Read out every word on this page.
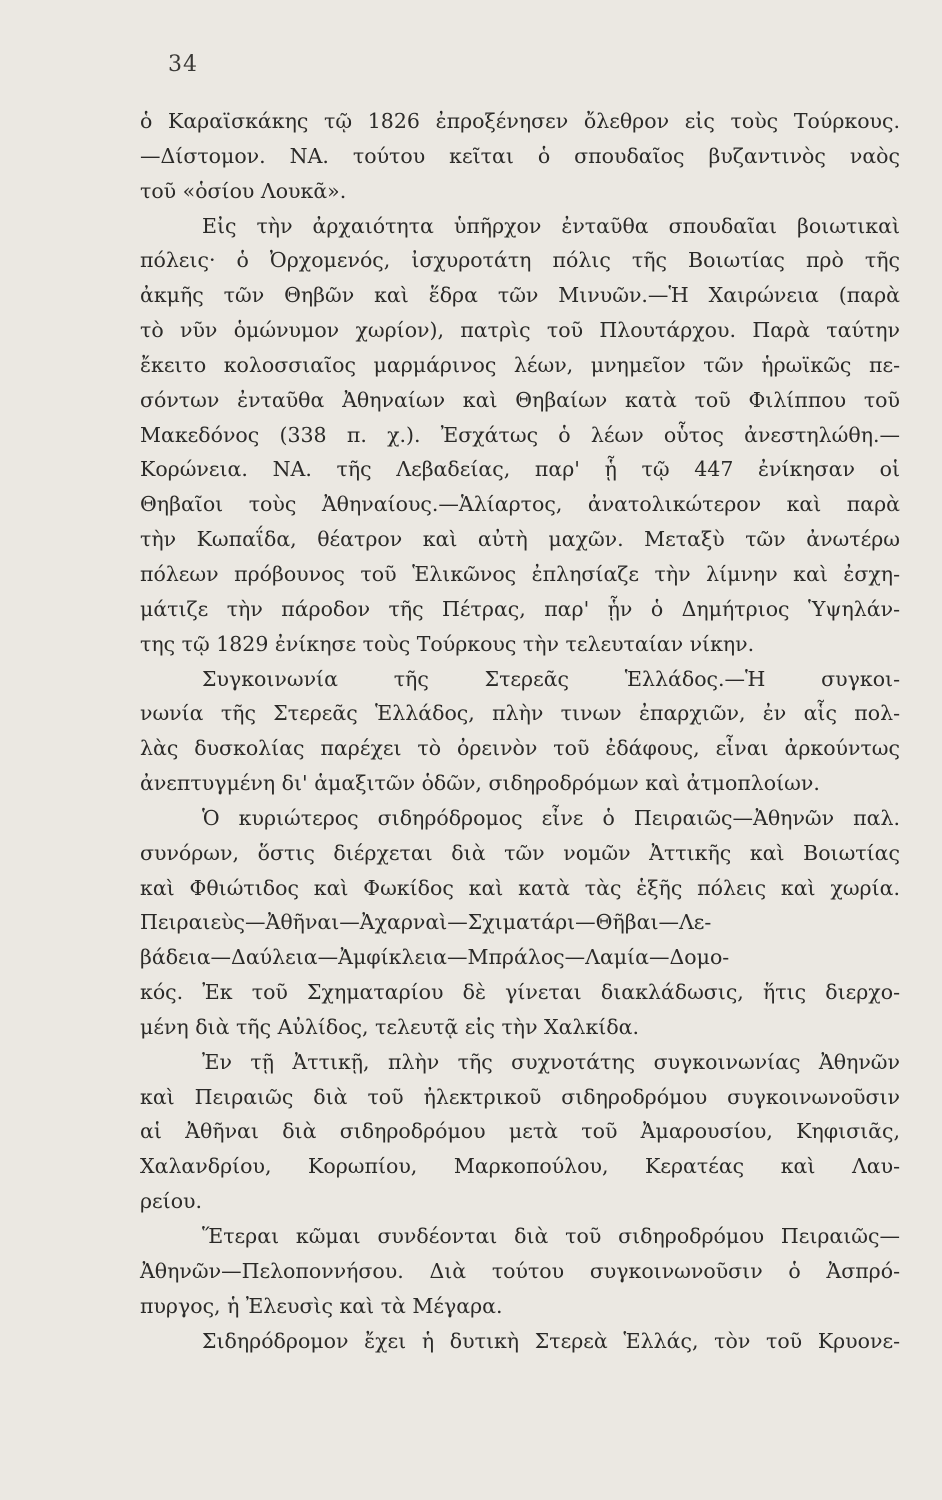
34
ὁ Καραϊσκάκης τῷ 1826 ἐπροξένησεν ὄλεθρον εἰς τοὺς Τούρκους.
—Δίστομον. ΝΑ. τούτου κεῖται ὁ σπουδαῖος βυζαντινὸς ναὸς
τοῦ «ὁσίου Λουκᾶ».
Εἰς τὴν ἀρχαιότητα ὑπῆρχον ἐνταῦθα σπουδαῖαι βοιωτικαὶ
πόλεις· ὁ Ὀρχομενός, ἰσχυροτάτη πόλις τῆς Βοιωτίας πρὸ τῆς
ἀκμῆς τῶν Θηβῶν καὶ ἕδρα τῶν Μινυῶν.—Ἡ Χαιρώνεια (παρὰ
τὸ νῦν ὁμώνυμον χωρίον), πατρὶς τοῦ Πλουτάρχου. Παρὰ ταύτην
ἔκειτο κολοσσιαῖος μαρμάρινος λέων, μνημεῖον τῶν ἡρωϊκῶς πε-
σόντων ἐνταῦθα Ἀθηναίων καὶ Θηβαίων κατὰ τοῦ Φιλίππου τοῦ
Μακεδόνος (338 π. χ.). Ἐσχάτως ὁ λέων οὗτος ἀνεστηλώθη.—
Κορώνεια. ΝΑ. τῆς Λεβαδείας, παρ' ᾗ τῷ 447 ἐνίκησαν οἱ
Θηβαῖοι τοὺς Ἀθηναίους.—Ἁλίαρτος, ἀνατολικώτερον καὶ παρὰ
τὴν Κωπαΐδα, θέατρον καὶ αὐτὴ μαχῶν. Μεταξὺ τῶν ἀνωτέρω
πόλεων πρόβουνος τοῦ Ἑλικῶνος ἐπλησίαζε τὴν λίμνην καὶ ἐσχη-
μάτιζε τὴν πάροδον τῆς Πέτρας, παρ' ᾗν ὁ Δημήτριος Ὑψηλάν-
της τῷ 1829 ἐνίκησε τοὺς Τούρκους τὴν τελευταίαν νίκην.
Συγκοινωνία τῆς Στερεᾶς Ἑλλάδος.—Ἡ συγκοι-
νωνία τῆς Στερεᾶς Ἑλλάδος, πλὴν τινων ἐπαρχιῶν, ἐν αἷς πολ-
λὰς δυσκολίας παρέχει τὸ ὀρεινὸν τοῦ ἐδάφους, εἶναι ἀρκούντως
ἀνεπτυγμένη δι' ἁμαξιτῶν ὁδῶν, σιδηροδρόμων καὶ ἀτμοπλοίων.
Ὁ κυριώτερος σιδηρόδρομος εἶνε ὁ Πειραιῶς—Ἀθηνῶν παλ.
συνόρων, ὅστις διέρχεται διὰ τῶν νομῶν Ἀττικῆς καὶ Βοιωτίας
καὶ Φθιώτιδος καὶ Φωκίδος καὶ κατὰ τὰς ἑξῆς πόλεις καὶ χωρία.
Πειραιεὺς—Ἀθῆναι—Ἀχαρναὶ—Σχιματάρι—Θῆβαι—Λε-
βάδεια—Δαύλεια—Ἀμφίκλεια—Μπράλος—Λαμία—Δομο-
κός. Ἐκ τοῦ Σχηματαρίου δὲ γίνεται διακλάδωσις, ἥτις διερχο-
μένη διὰ τῆς Αὐλίδος, τελευτᾷ εἰς τὴν Χαλκίδα.
Ἐν τῇ Ἀττικῇ, πλὴν τῆς συχνοτάτης συγκοινωνίας Ἀθηνῶν
καὶ Πειραιῶς διὰ τοῦ ἠλεκτρικοῦ σιδηροδρόμου συγκοινωνοῦσιν
αἱ Ἀθῆναι διὰ σιδηροδρόμου μετὰ τοῦ Ἀμαρουσίου, Κηφισιᾶς,
Χαλανδρίου, Κορωπίου, Μαρκοπούλου, Κερατέας καὶ Λαυ-
ρείου.
Ἕτεραι κῶμαι συνδέονται διὰ τοῦ σιδηροδρόμου Πειραιῶς—
Ἀθηνῶν—Πελοποννήσου. Διὰ τούτου συγκοινωνοῦσιν ὁ Ἀσπρό-
πυργος, ἡ Ἐλευσὶς καὶ τὰ Μέγαρα.
Σιδηρόδρομον ἔχει ἡ δυτικὴ Στερεὰ Ἑλλάς, τὸν τοῦ Κρυονε-
